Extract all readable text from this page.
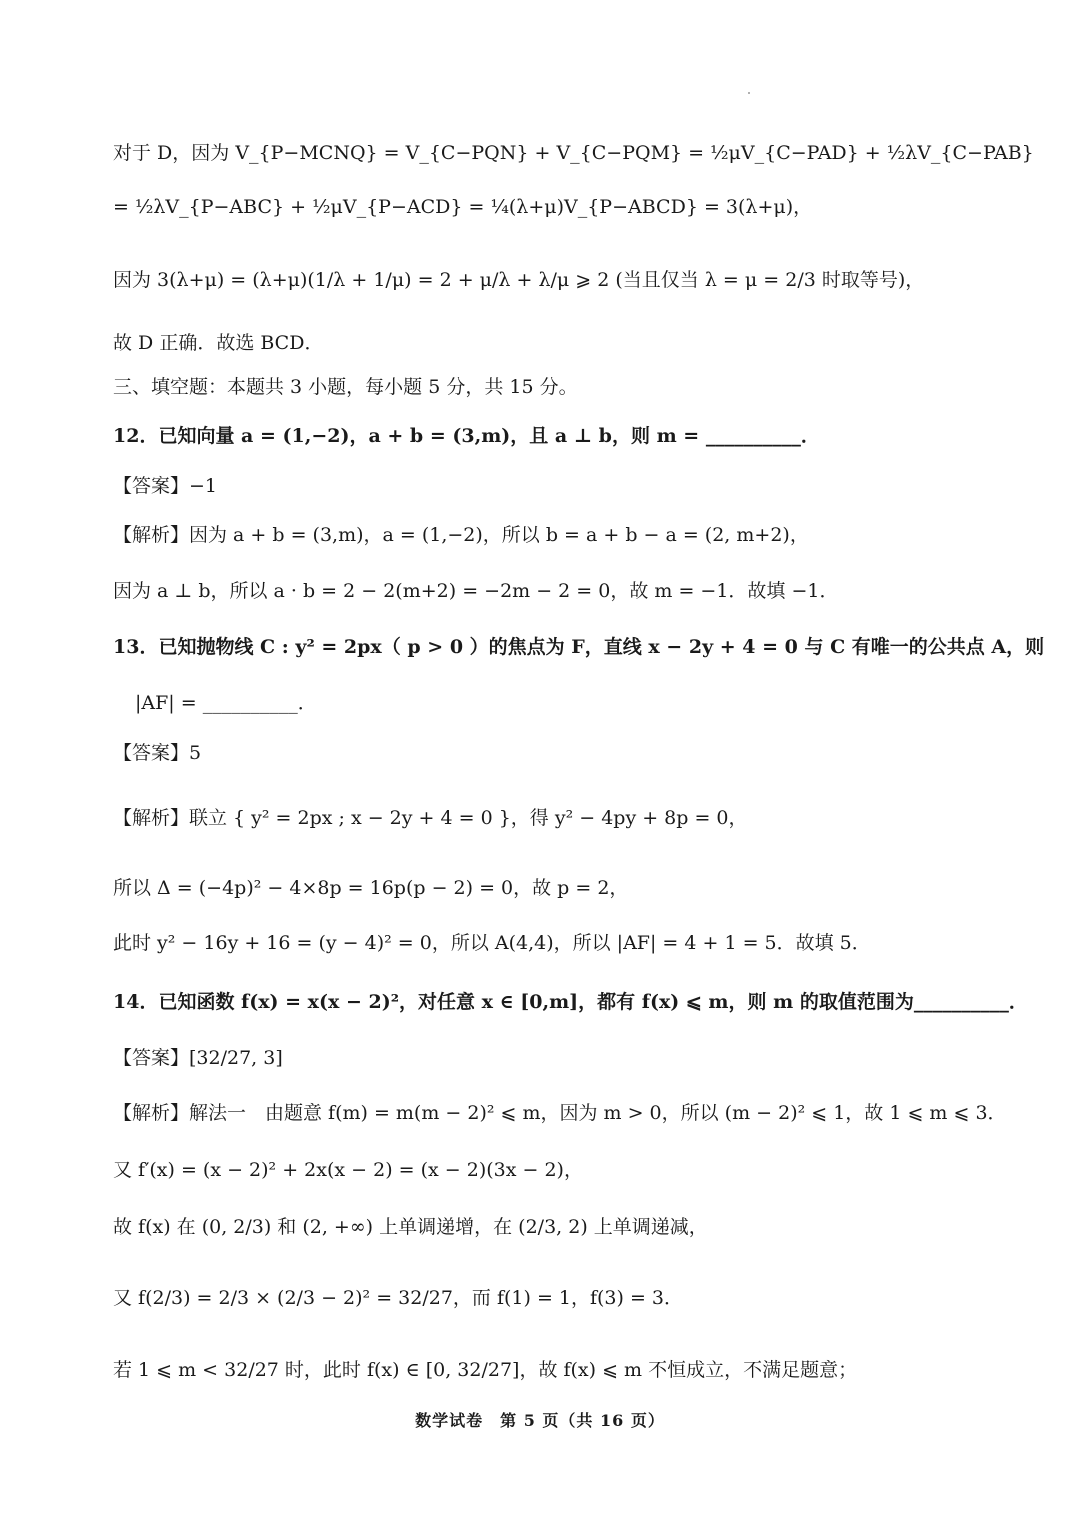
对于 D，因为 V_{P−MCNQ} = V_{C−PQN} + V_{C−PQM} = ½μV_{C−PAD} + ½λV_{C−PAB}
= ½λV_{P−ABC} + ½μV_{P−ACD} = ¼(λ+μ)V_{P−ABCD} = 3(λ+μ)，
因为 3(λ+μ) = (λ+μ)(1/λ + 1/μ) = 2 + μ/λ + λ/μ ⩾ 2 (当且仅当 λ = μ = 2/3 时取等号)，
故 D 正确．故选 BCD．
三、填空题：本题共 3 小题，每小题 5 分，共 15 分。
12．已知向量 a = (1,−2)，a + b = (3,m)，且 a ⊥ b，则 m = __________．
【答案】−1
【解析】因为 a + b = (3,m)，a = (1,−2)，所以 b = a + b − a = (2, m+2)，
因为 a ⊥ b，所以 a · b = 2 − 2(m+2) = −2m − 2 = 0，故 m = −1．故填 −1．
13．已知抛物线 C : y² = 2px（ p > 0 ）的焦点为 F，直线 x − 2y + 4 = 0 与 C 有唯一的公共点 A，则
|AF| = __________．
【答案】5
【解析】联立 { y² = 2px ; x − 2y + 4 = 0 }，得 y² − 4py + 8p = 0，
所以 Δ = (−4p)² − 4×8p = 16p(p − 2) = 0，故 p = 2，
此时 y² − 16y + 16 = (y − 4)² = 0，所以 A(4,4)，所以 |AF| = 4 + 1 = 5．故填 5．
14．已知函数 f(x) = x(x − 2)²，对任意 x ∈ [0,m]，都有 f(x) ⩽ m，则 m 的取值范围为__________．
【答案】[32/27, 3]
【解析】解法一　由题意 f(m) = m(m − 2)² ⩽ m，因为 m > 0，所以 (m − 2)² ⩽ 1，故 1 ⩽ m ⩽ 3．
又 f′(x) = (x − 2)² + 2x(x − 2) = (x − 2)(3x − 2)，
故 f(x) 在 (0, 2/3) 和 (2, +∞) 上单调递增，在 (2/3, 2) 上单调递减，
又 f(2/3) = 2/3 × (2/3 − 2)² = 32/27，而 f(1) = 1，f(3) = 3．
若 1 ⩽ m < 32/27 时，此时 f(x) ∈ [0, 32/27]，故 f(x) ⩽ m 不恒成立，不满足题意；
数学试卷　第 5 页（共 16 页）
